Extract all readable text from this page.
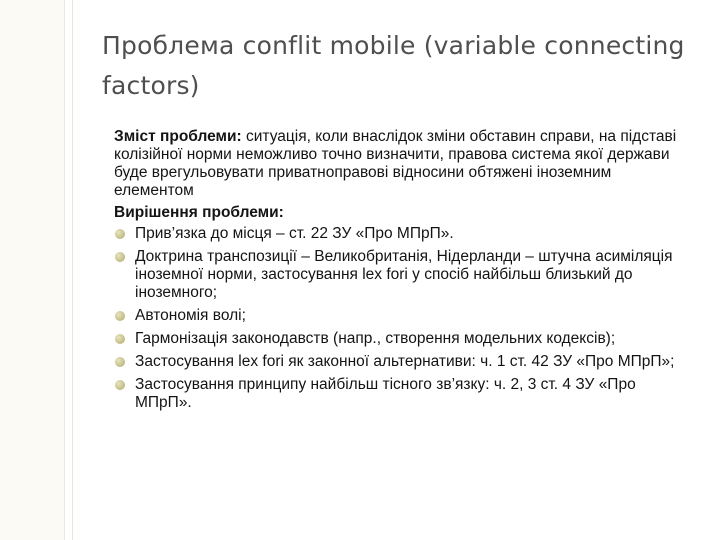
Проблема conflit mobile (variable connecting factors)

Зміст проблеми: ситуація, коли внаслідок зміни обставин справи, на підставі колізійної норми неможливо точно визначити, правова система якої держави буде врегульовувати приватноправові відносини обтяжені іноземним елементом

Вирішення проблеми:

Прив’язка до місця – ст. 22 ЗУ «Про МПрП».
Доктрина транспозиції – Великобританія, Нідерланди – штучна асиміляція іноземної норми, застосування lex fori у спосіб найбільш близький до іноземного;
Автономія волі;
Гармонізація законодавств (напр., створення модельних кодексів);
Застосування lex fori як законної альтернативи: ч. 1 ст. 42 ЗУ «Про МПрП»;
Застосування принципу найбільш тісного зв’язку: ч. 2, 3 ст. 4 ЗУ «Про МПрП».
